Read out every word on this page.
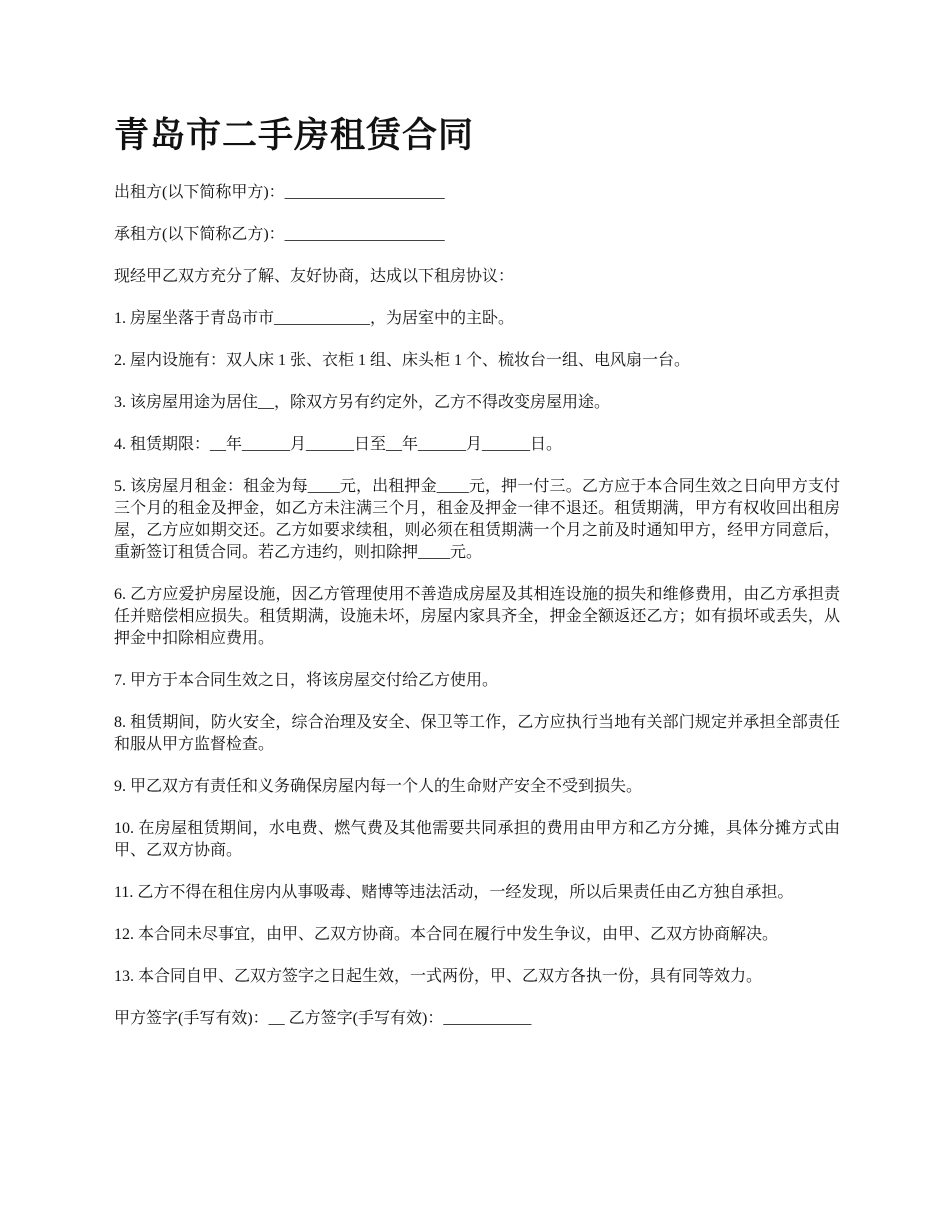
青岛市二手房租赁合同

出租方(以下简称甲方)：____________________

承租方(以下简称乙方)：____________________

现经甲乙双方充分了解、友好协商，达成以下租房协议：

1. 房屋坐落于青岛市市____________，为居室中的主卧。

2. 屋内设施有：双人床 1 张、衣柜 1 组、床头柜 1 个、梳妆台一组、电风扇一台。

3. 该房屋用途为居住__，除双方另有约定外，乙方不得改变房屋用途。

4. 租赁期限：__年______月______日至__年______月______日。

5. 该房屋月租金：租金为每____元，出租押金____元，押一付三。乙方应于本合同生效之日向甲方支付三个月的租金及押金，如乙方未注满三个月，租金及押金一律不退还。租赁期满，甲方有权收回出租房屋，乙方应如期交还。乙方如要求续租，则必须在租赁期满一个月之前及时通知甲方，经甲方同意后，重新签订租赁合同。若乙方违约，则扣除押____元。

6. 乙方应爱护房屋设施，因乙方管理使用不善造成房屋及其相连设施的损失和维修费用，由乙方承担责任并赔偿相应损失。租赁期满，设施未坏，房屋内家具齐全，押金全额返还乙方；如有损坏或丢失，从押金中扣除相应费用。

7. 甲方于本合同生效之日，将该房屋交付给乙方使用。

8. 租赁期间，防火安全，综合治理及安全、保卫等工作，乙方应执行当地有关部门规定并承担全部责任和服从甲方监督检查。

9. 甲乙双方有责任和义务确保房屋内每一个人的生命财产安全不受到损失。

10. 在房屋租赁期间，水电费、燃气费及其他需要共同承担的费用由甲方和乙方分摊，具体分摊方式由甲、乙双方协商。

11. 乙方不得在租住房内从事吸毒、赌博等违法活动，一经发现，所以后果责任由乙方独自承担。

12. 本合同未尽事宜，由甲、乙双方协商。本合同在履行中发生争议，由甲、乙双方协商解决。

13. 本合同自甲、乙双方签字之日起生效，一式两份，甲、乙双方各执一份，具有同等效力。

甲方签字(手写有效)：__ 乙方签字(手写有效)：___________
